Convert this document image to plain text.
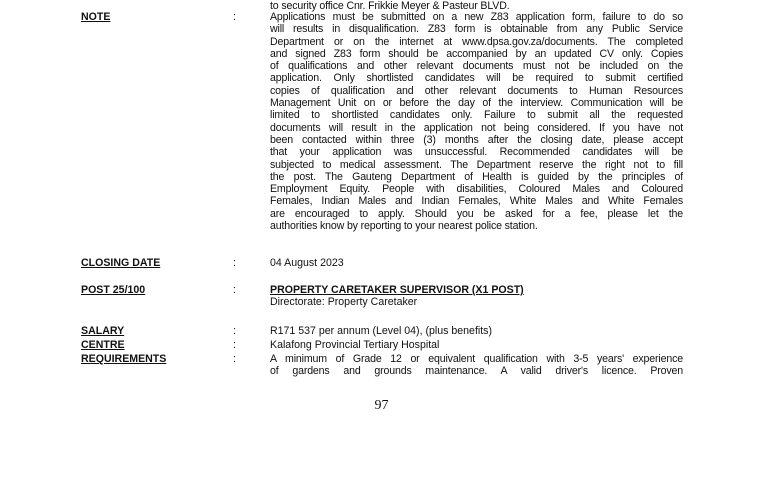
to security office Cnr. Frikkie Meyer & Pasteur BLVD.
NOTE	:	Applications must be submitted on a new Z83 application form, failure to do so
will results in disqualification. Z83 form is obtainable from any Public Service
Department or on the internet at www.dpsa.gov.za/documents. The completed
and signed Z83 form should be accompanied by an updated CV only. Copies
of qualifications and other relevant documents must not be included on the
application. Only shortlisted candidates will be required to submit certified
copies of qualification and other relevant documents to Human Resources
Management Unit on or before the day of the interview. Communication will be
limited to shortlisted candidates only. Failure to submit all the requested
documents will result in the application not being considered. If you have not
been contacted within three (3) months after the closing date, please accept
that your application was unsuccessful. Recommended candidates will be
subjected to medical assessment. The Department reserve the right not to fill
the post. The Gauteng Department of Health is guided by the principles of
Employment Equity. People with disabilities, Coloured Males and Coloured
Females, Indian Males and Indian Females, White Males and White Females
are encouraged to apply. Should you be asked for a fee, please let the
authorities know by reporting to your nearest police station.
CLOSING DATE	:	04 August 2023
POST 25/100	:	PROPERTY CARETAKER SUPERVISOR (X1 POST)
Directorate: Property Caretaker
SALARY	:	R171 537 per annum (Level 04), (plus benefits)
CENTRE	:	Kalafong Provincial Tertiary Hospital
REQUIREMENTS	:	A minimum of Grade 12 or equivalent qualification with 3-5 years' experience
of gardens and grounds maintenance. A valid driver's licence. Proven
97
